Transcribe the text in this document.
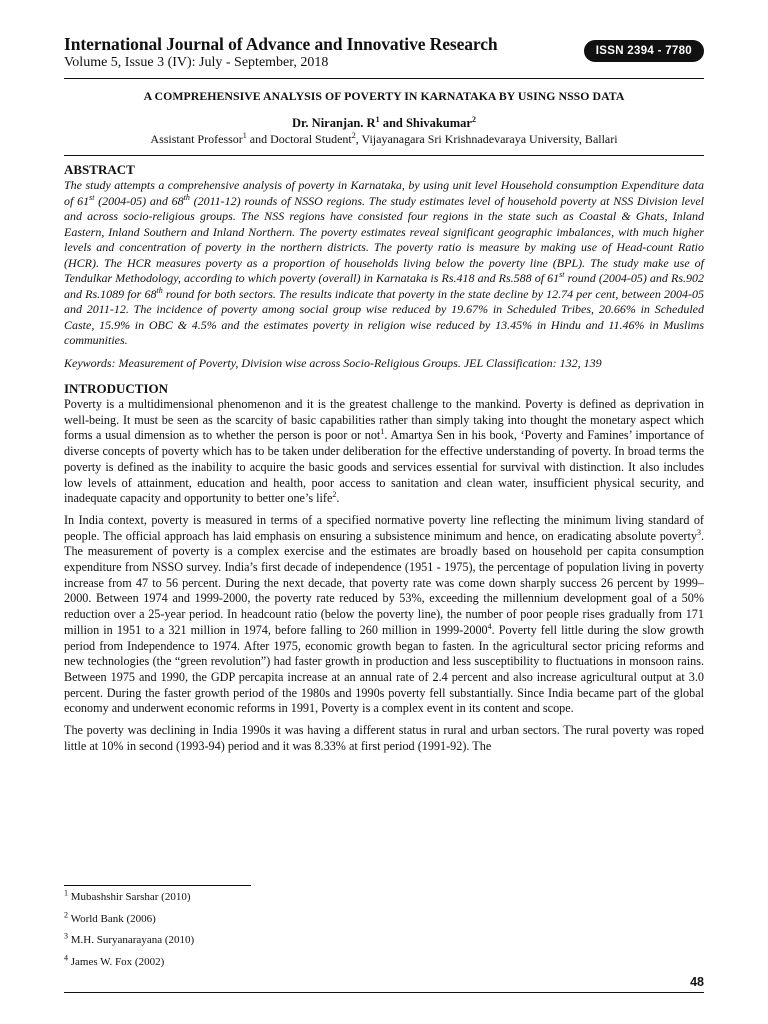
International Journal of Advance and Innovative Research
Volume 5, Issue 3 (IV): July - September, 2018
ISSN 2394 - 7780
A COMPREHENSIVE ANALYSIS OF POVERTY IN KARNATAKA BY USING NSSO DATA
Dr. Niranjan. $R^1$ and Shivakumar$^2$
Assistant Professor$^1$ and Doctoral Student$^2$, Vijayanagara Sri Krishnadevaraya University, Ballari
ABSTRACT
The study attempts a comprehensive analysis of poverty in Karnataka, by using unit level Household consumption Expenditure data of 61st (2004-05) and 68th (2011-12) rounds of NSSO regions. The study estimates level of household poverty at NSS Division level and across socio-religious groups. The NSS regions have consisted four regions in the state such as Coastal & Ghats, Inland Eastern, Inland Southern and Inland Northern. The poverty estimates reveal significant geographic imbalances, with much higher levels and concentration of poverty in the northern districts. The poverty ratio is measure by making use of Head-count Ratio (HCR). The HCR measures poverty as a proportion of households living below the poverty line (BPL). The study make use of Tendulkar Methodology, according to which poverty (overall) in Karnataka is Rs.418 and Rs.588 of 61st round (2004-05) and Rs.902 and Rs.1089 for 68th round for both sectors. The results indicate that poverty in the state decline by 12.74 per cent, between 2004-05 and 2011-12. The incidence of poverty among social group wise reduced by 19.67% in Scheduled Tribes, 20.66% in Scheduled Caste, 15.9% in OBC & 4.5% and the estimates poverty in religion wise reduced by 13.45% in Hindu and 11.46% in Muslims communities.
Keywords: Measurement of Poverty, Division wise across Socio-Religious Groups. JEL Classification: 132, 139
INTRODUCTION

Poverty is a multidimensional phenomenon and it is the greatest challenge to the mankind. Poverty is defined as deprivation in well-being. It must be seen as the scarcity of basic capabilities rather than simply taking into thought the monetary aspect which forms a usual dimension as to whether the person is poor or not$^1$. Amartya Sen in his book, ‘Poverty and Famines’ importance of diverse concepts of poverty which has to be taken under deliberation for the effective understanding of poverty. In broad terms the poverty is defined as the inability to acquire the basic goods and services essential for survival with distinction. It also includes low levels of attainment, education and health, poor access to sanitation and clean water, insufficient physical security, and inadequate capacity and opportunity to better one’s life$^2$.

In India context, poverty is measured in terms of a specified normative poverty line reflecting the minimum living standard of people. The official approach has laid emphasis on ensuring a subsistence minimum and hence, on eradicating absolute poverty$^3$. The measurement of poverty is a complex exercise and the estimates are broadly based on household per capita consumption expenditure from NSSO survey. India’s first decade of independence (1951 - 1975), the percentage of population living in poverty increase from 47 to 56 percent. During the next decade, that poverty rate was come down sharply success 26 percent by 1999–2000. Between 1974 and 1999-2000, the poverty rate reduced by 53%, exceeding the millennium development goal of a 50% reduction over a 25-year period. In headcount ratio (below the poverty line), the number of poor people rises gradually from 171 million in 1951 to a 321 million in 1974, before falling to 260 million in 1999-2000$^4$. Poverty fell little during the slow growth period from Independence to 1974. After 1975, economic growth began to fasten. In the agricultural sector pricing reforms and new technologies (the “green revolution”) had faster growth in production and less susceptibility to fluctuations in monsoon rains. Between 1975 and 1990, the GDP percapita increase at an annual rate of 2.4 percent and also increase agricultural output at 3.0 percent. During the faster growth period of the 1980s and 1990s poverty fell substantially. Since India became part of the global economy and underwent economic reforms in 1991, Poverty is a complex event in its content and scope.

The poverty was declining in India 1990s it was having a different status in rural and urban sectors. The rural poverty was roped little at 10% in second (1993-94) period and it was 8.33% at first period (1991-92). The

$^1$ Mubashshir Sarshar (2010)
$^2$ World Bank (2006)
$^3$ M.H. Suryanarayana (2010)
$^4$ James W. Fox (2002)
48
